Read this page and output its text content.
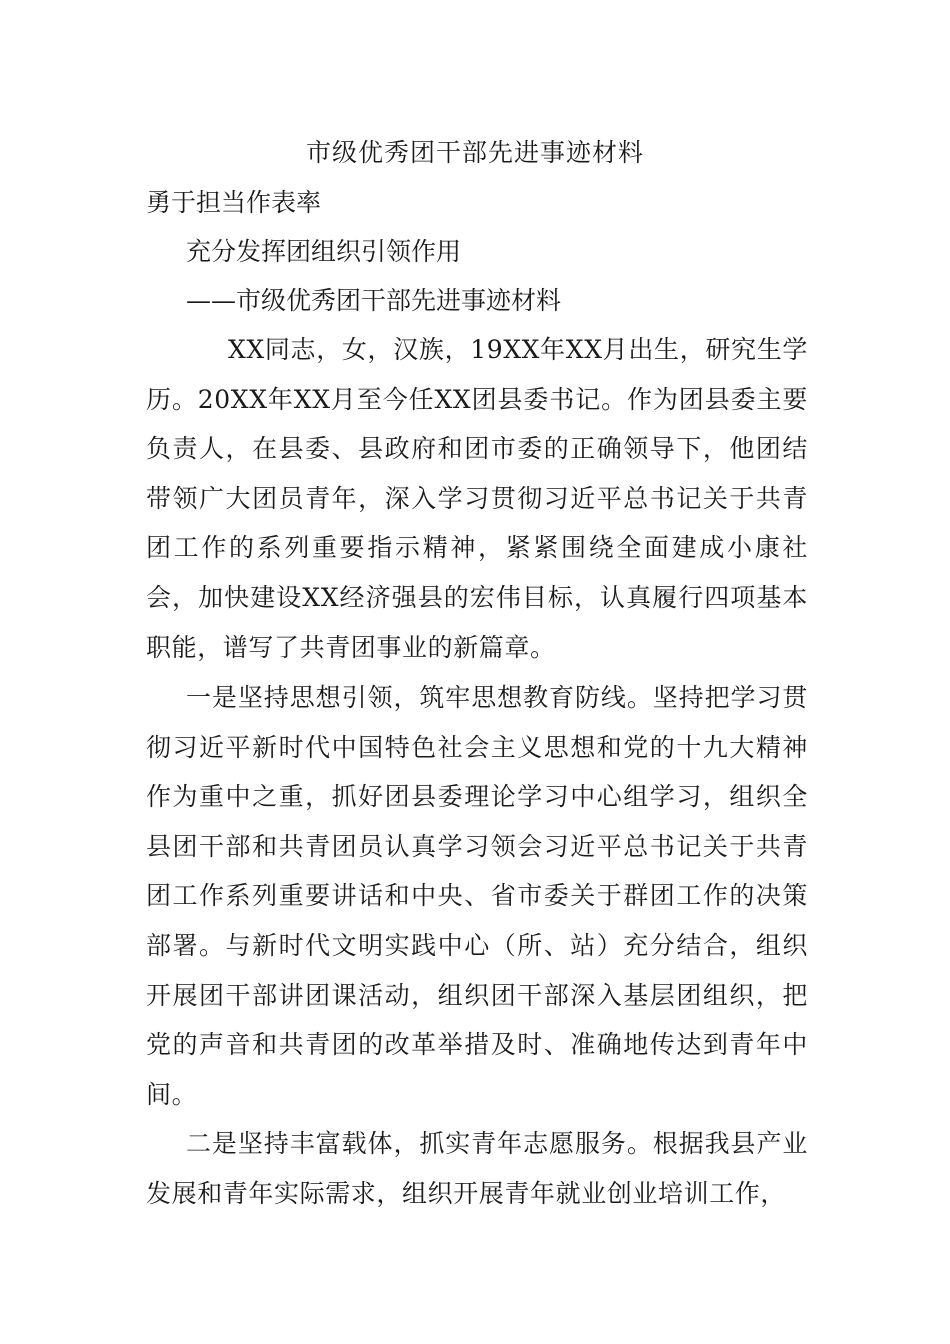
市级优秀团干部先进事迹材料
勇于担当作表率
充分发挥团组织引领作用
——市级优秀团干部先进事迹材料
XX同志，女，汉族，19XX年XX月出生，研究生学历。20XX年XX月至今任XX团县委书记。作为团县委主要负责人，在县委、县政府和团市委的正确领导下，他团结带领广大团员青年，深入学习贯彻习近平总书记关于共青团工作的系列重要指示精神，紧紧围绕全面建成小康社会，加快建设XX经济强县的宏伟目标，认真履行四项基本职能，谱写了共青团事业的新篇章。
一是坚持思想引领，筑牢思想教育防线。坚持把学习贯彻习近平新时代中国特色社会主义思想和党的十九大精神作为重中之重，抓好团县委理论学习中心组学习，组织全县团干部和共青团员认真学习领会习近平总书记关于共青团工作系列重要讲话和中央、省市委关于群团工作的决策部署。与新时代文明实践中心（所、站）充分结合，组织开展团干部讲团课活动，组织团干部深入基层团组织，把党的声音和共青团的改革举措及时、准确地传达到青年中间。
二是坚持丰富载体，抓实青年志愿服务。根据我县产业发展和青年实际需求，组织开展青年就业创业培训工作，
